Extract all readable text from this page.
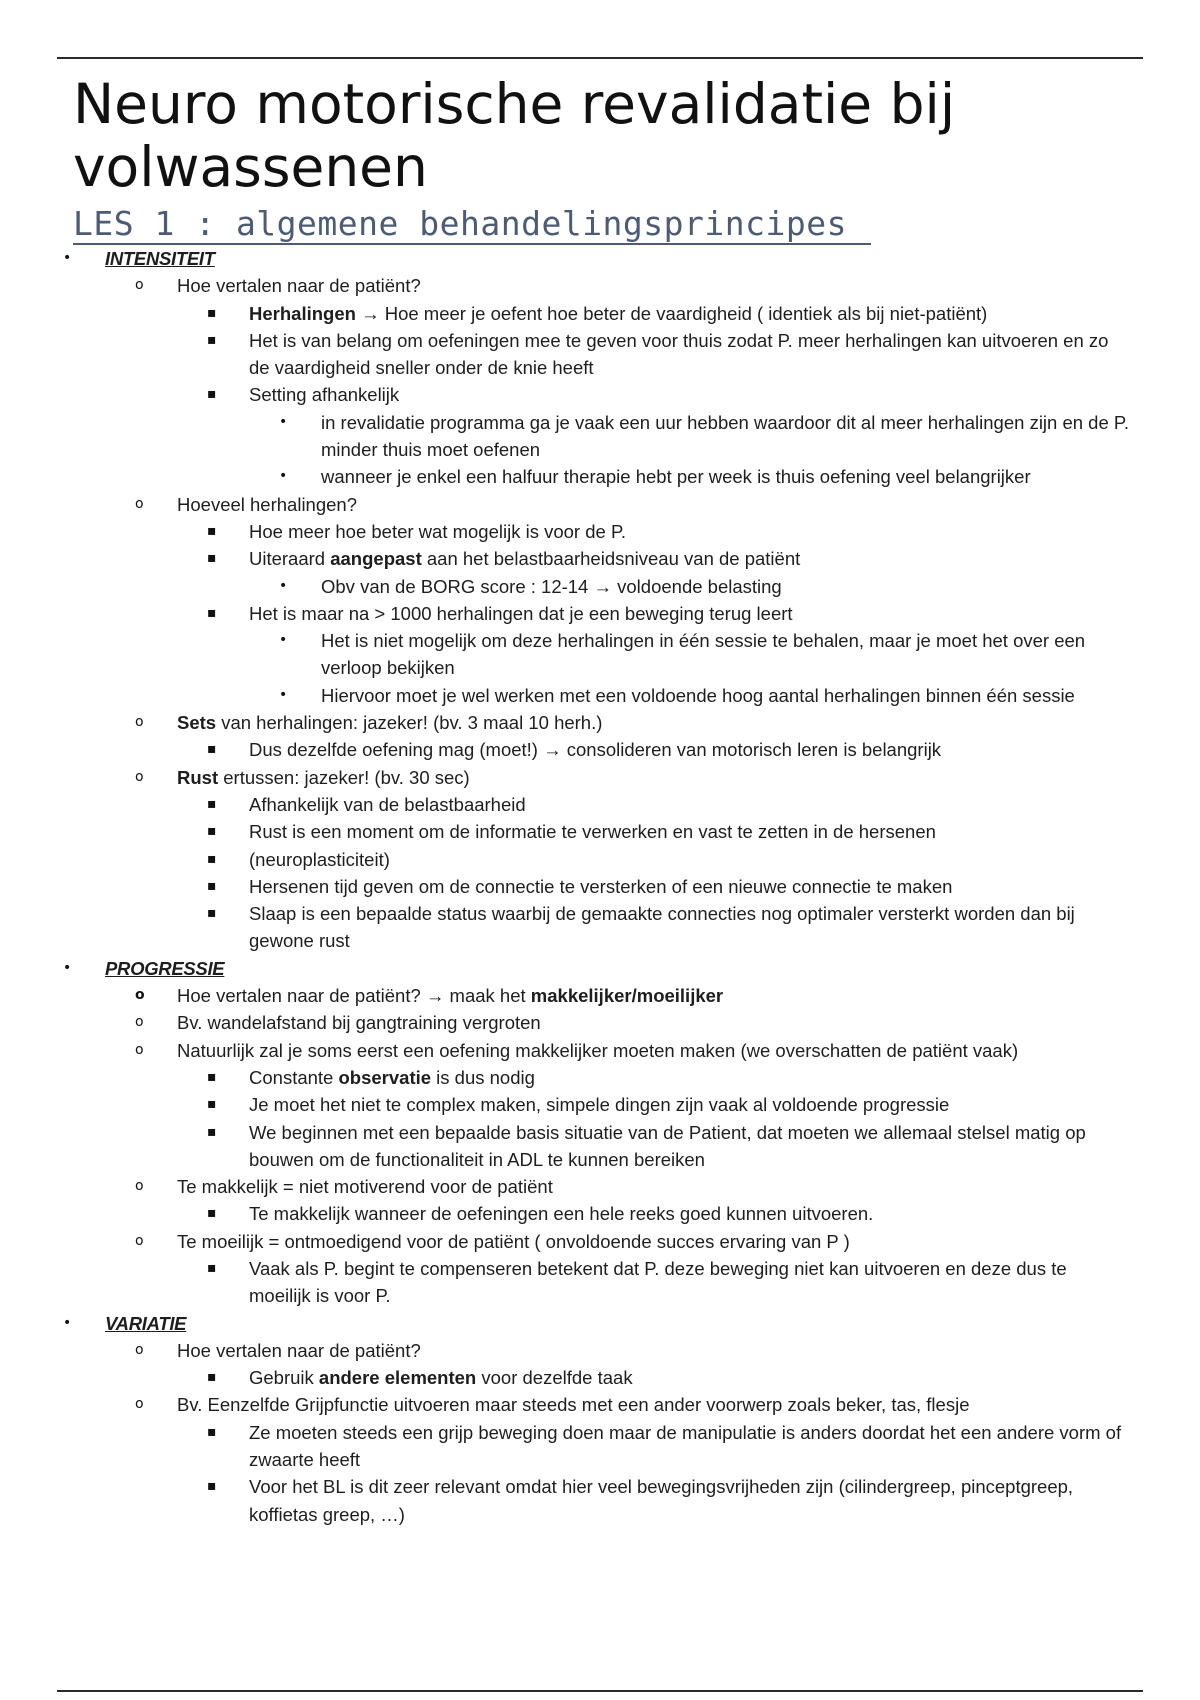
Neuro motorische revalidatie bij volwassenen
LES 1 : algemene behandelingsprincipes
•	INTENSITEIT
o	Hoe vertalen naar de patiënt?
▪	Herhalingen → Hoe meer je oefent hoe beter de vaardigheid ( identiek als bij niet-patiënt)
▪	Het is van belang om oefeningen mee te geven voor thuis zodat P. meer herhalingen kan uitvoeren en zo de vaardigheid sneller onder de knie heeft
▪	Setting afhankelijk
•	in revalidatie programma ga je vaak een uur hebben waardoor dit al meer herhalingen zijn en de P. minder thuis moet oefenen
•	wanneer je enkel een halfuur therapie hebt per week is thuis oefening veel belangrijker
o	Hoeveel herhalingen?
▪	Hoe meer hoe beter wat mogelijk is voor de P.
▪	Uiteraard aangepast aan het belastbaarheidsniveau van de patiënt
•	Obv van de BORG score : 12-14 → voldoende belasting
▪	Het is maar na > 1000 herhalingen dat je een beweging terug leert
•	Het is niet mogelijk om deze herhalingen in één sessie te behalen, maar je moet het over een verloop bekijken
•	Hiervoor moet je wel werken met een voldoende hoog aantal herhalingen binnen één sessie
o	Sets van herhalingen: jazeker! (bv. 3 maal 10 herh.)
▪	Dus dezelfde oefening mag (moet!) → consolideren van motorisch leren is belangrijk
o	Rust ertussen: jazeker! (bv. 30 sec)
▪	Afhankelijk van de belastbaarheid
▪	Rust is een moment om de informatie te verwerken en vast te zetten in de hersenen
▪	(neuroplasticiteit)
▪	Hersenen tijd geven om de connectie te versterken of een nieuwe connectie te maken
▪	Slaap is een bepaalde status waarbij de gemaakte connecties nog optimaler versterkt worden dan bij gewone rust
•	PROGRESSIE
o	Hoe vertalen naar de patiënt? → maak het makkelijker/moeilijker
o	Bv. wandelafstand bij gangtraining vergroten
o	Natuurlijk zal je soms eerst een oefening makkelijker moeten maken (we overschatten de patiënt vaak)
▪	Constante observatie is dus nodig
▪	Je moet het niet te complex maken, simpele dingen zijn vaak al voldoende progressie
▪	We beginnen met een bepaalde basis situatie van de Patient, dat moeten we allemaal stelsel matig op bouwen om de functionaliteit in ADL te kunnen bereiken
o	Te makkelijk = niet motiverend voor de patiënt
▪	Te makkelijk wanneer de oefeningen een hele reeks goed kunnen uitvoeren.
o	Te moeilijk = ontmoedigend voor de patiënt ( onvoldoende succes ervaring van P )
▪	Vaak als P. begint te compenseren betekent dat P. deze beweging niet kan uitvoeren en deze dus te moeilijk is voor P.
•	VARIATIE
o	Hoe vertalen naar de patiënt?
▪	Gebruik andere elementen voor dezelfde taak
o	Bv. Eenzelfde Grijpfunctie uitvoeren maar steeds met een ander voorwerp zoals beker, tas, flesje
▪	Ze moeten steeds een grijp beweging doen maar de manipulatie is anders doordat het een andere vorm of zwaarte heeft
▪	Voor het BL is dit zeer relevant omdat hier veel bewegingsvrijheden zijn (cilindergreep, pinceptgreep, koffietas greep, …)
